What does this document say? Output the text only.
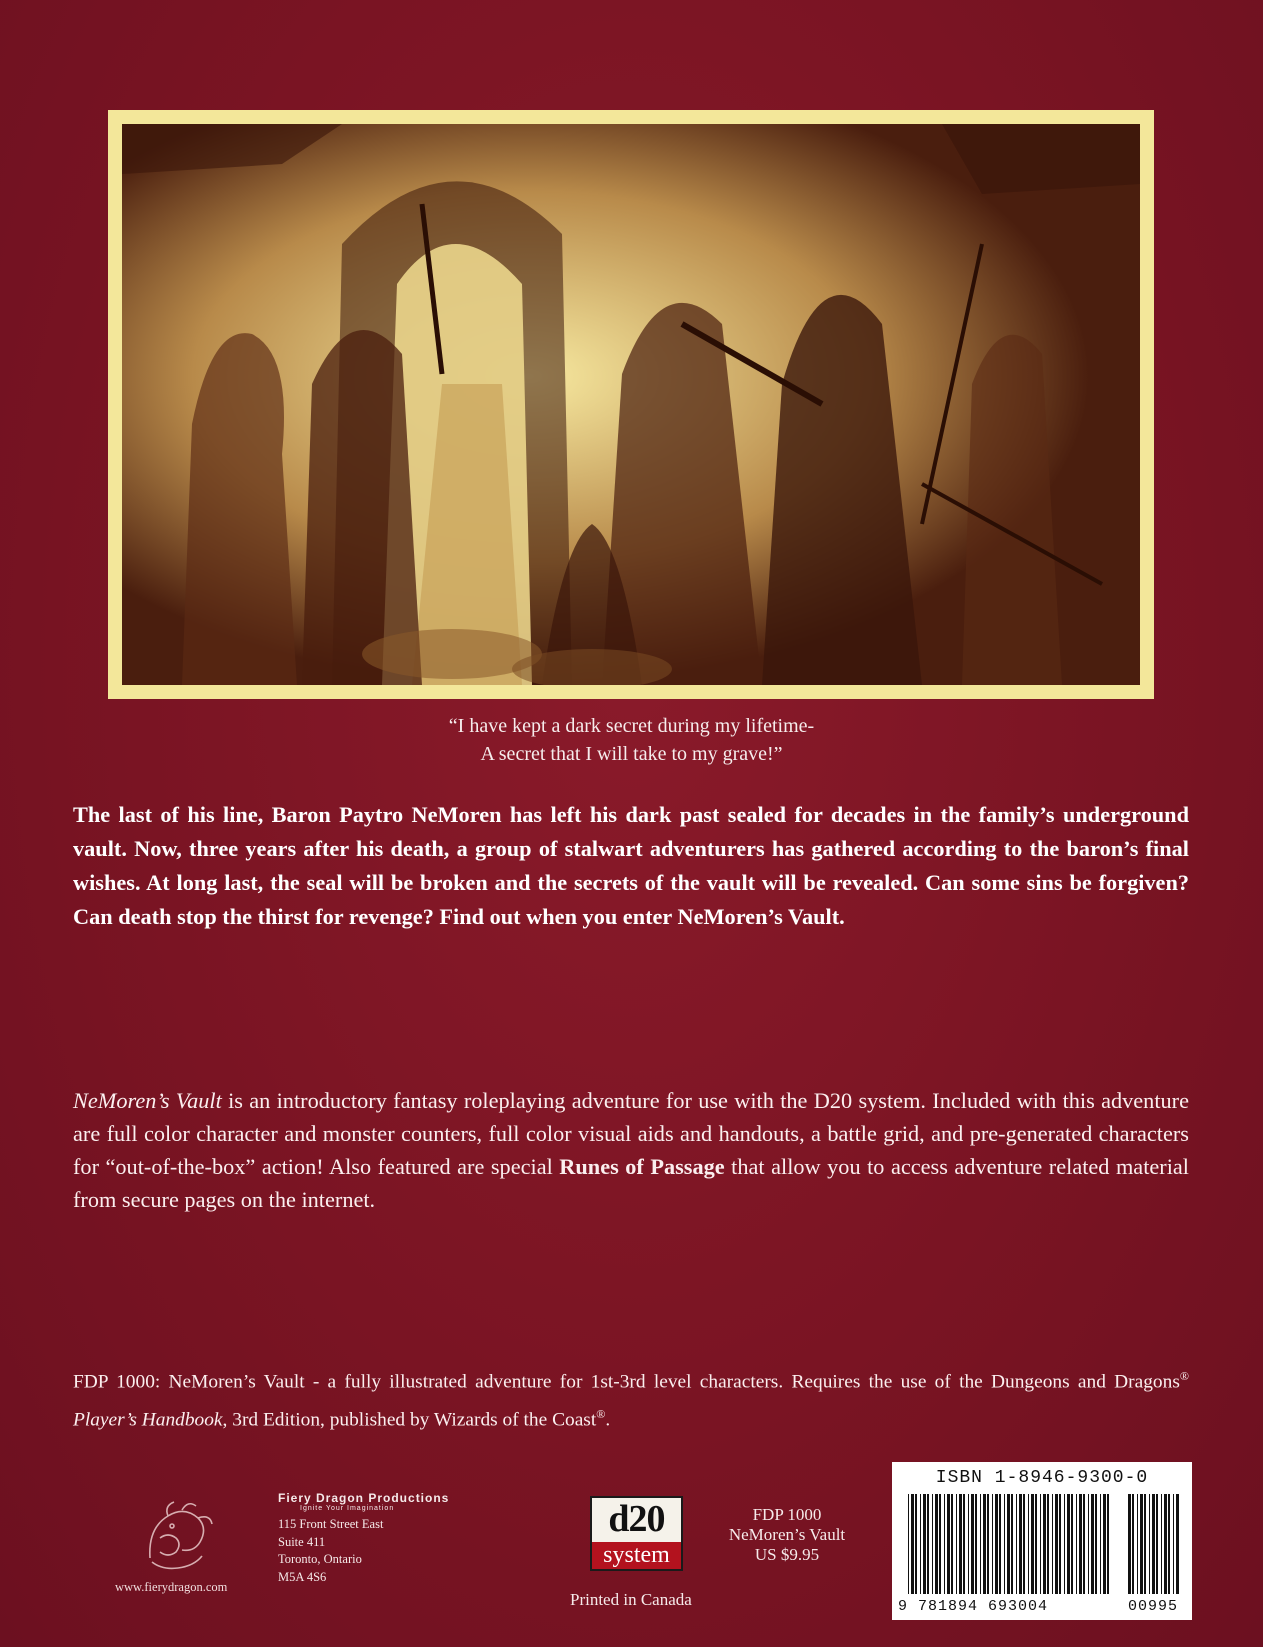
“I have kept a dark secret during my lifetime-
A secret that I will take to my grave!”
The last of his line, Baron Paytro NeMoren has left his dark past sealed for decades in the family’s underground vault. Now, three years after his death, a group of stalwart adventurers has gathered according to the baron’s final wishes. At long last, the seal will be broken and the secrets of the vault will be revealed. Can some sins be forgiven? Can death stop the thirst for revenge? Find out when you enter NeMoren’s Vault.
NeMoren’s Vault is an introductory fantasy roleplaying adventure for use with the D20 system. Included with this adventure are full color character and monster counters, full color visual aids and handouts, a battle grid, and pre-generated characters for “out-of-the-box” action! Also featured are special Runes of Passage that allow you to access adventure related material from secure pages on the internet.
FDP 1000: NeMoren’s Vault - a fully illustrated adventure for 1st-3rd level characters. Requires the use of the Dungeons and Dragons® Player’s Handbook, 3rd Edition, published by Wizards of the Coast®.
www.fierydragon.com
Fiery Dragon Productions
Ignite Your Imagination
115 Front Street East
Suite 411
Toronto, Ontario
M5A 4S6
d20
system
Printed in Canada
FDP 1000
NeMoren’s Vault
US $9.95
ISBN 1-8946-9300-0
9 781894 693004	00995
